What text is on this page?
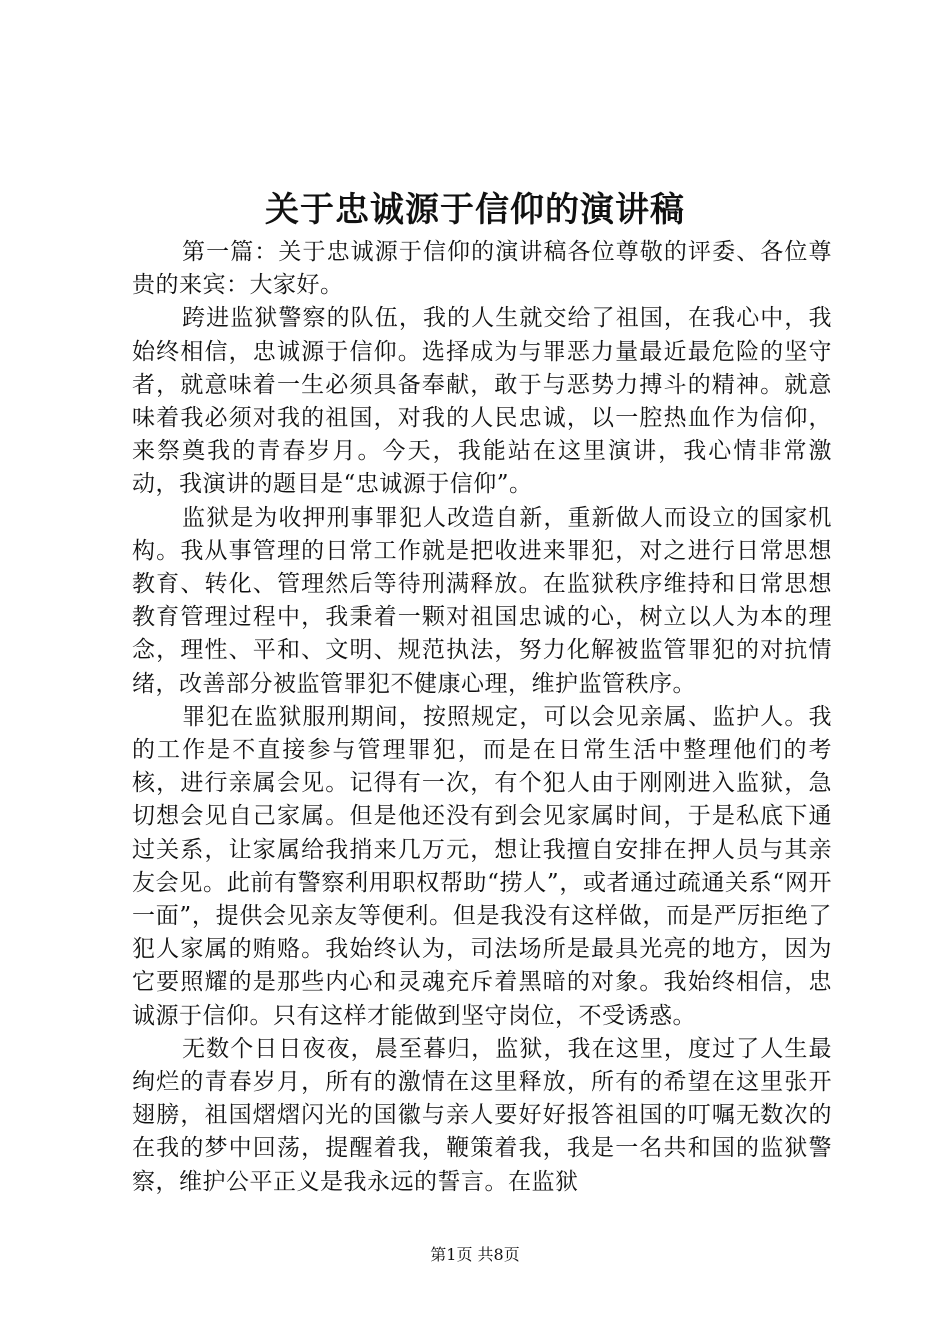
关于忠诚源于信仰的演讲稿

第一篇：关于忠诚源于信仰的演讲稿各位尊敬的评委、各位尊贵的来宾：大家好。

跨进监狱警察的队伍，我的人生就交给了祖国，在我心中，我始终相信，忠诚源于信仰。选择成为与罪恶力量最近最危险的坚守者，就意味着一生必须具备奉献，敢于与恶势力搏斗的精神。就意味着我必须对我的祖国，对我的人民忠诚，以一腔热血作为信仰，来祭奠我的青春岁月。今天，我能站在这里演讲，我心情非常激动，我演讲的题目是“忠诚源于信仰”。

监狱是为收押刑事罪犯人改造自新，重新做人而设立的国家机构。我从事管理的日常工作就是把收进来罪犯，对之进行日常思想教育、转化、管理然后等待刑满释放。在监狱秩序维持和日常思想教育管理过程中，我秉着一颗对祖国忠诚的心，树立以人为本的理念，理性、平和、文明、规范执法，努力化解被监管罪犯的对抗情绪，改善部分被监管罪犯不健康心理，维护监管秩序。

罪犯在监狱服刑期间，按照规定，可以会见亲属、监护人。我的工作是不直接参与管理罪犯，而是在日常生活中整理他们的考核，进行亲属会见。记得有一次，有个犯人由于刚刚进入监狱，急切想会见自己家属。但是他还没有到会见家属时间，于是私底下通过关系，让家属给我捎来几万元，想让我擅自安排在押人员与其亲友会见。此前有警察利用职权帮助“捞人”，或者通过疏通关系“网开一面”，提供会见亲友等便利。但是我没有这样做，而是严厉拒绝了犯人家属的贿赂。我始终认为，司法场所是最具光亮的地方，因为它要照耀的是那些内心和灵魂充斥着黑暗的对象。我始终相信，忠诚源于信仰。只有这样才能做到坚守岗位，不受诱惑。

无数个日日夜夜，晨至暮归，监狱，我在这里，度过了人生最绚烂的青春岁月，所有的激情在这里释放，所有的希望在这里张开翅膀，祖国熠熠闪光的国徽与亲人要好好报答祖国的叮嘱无数次的在我的梦中回荡，提醒着我，鞭策着我，我是一名共和国的监狱警察，维护公平正义是我永远的誓言。在监狱

第1页 共8页
